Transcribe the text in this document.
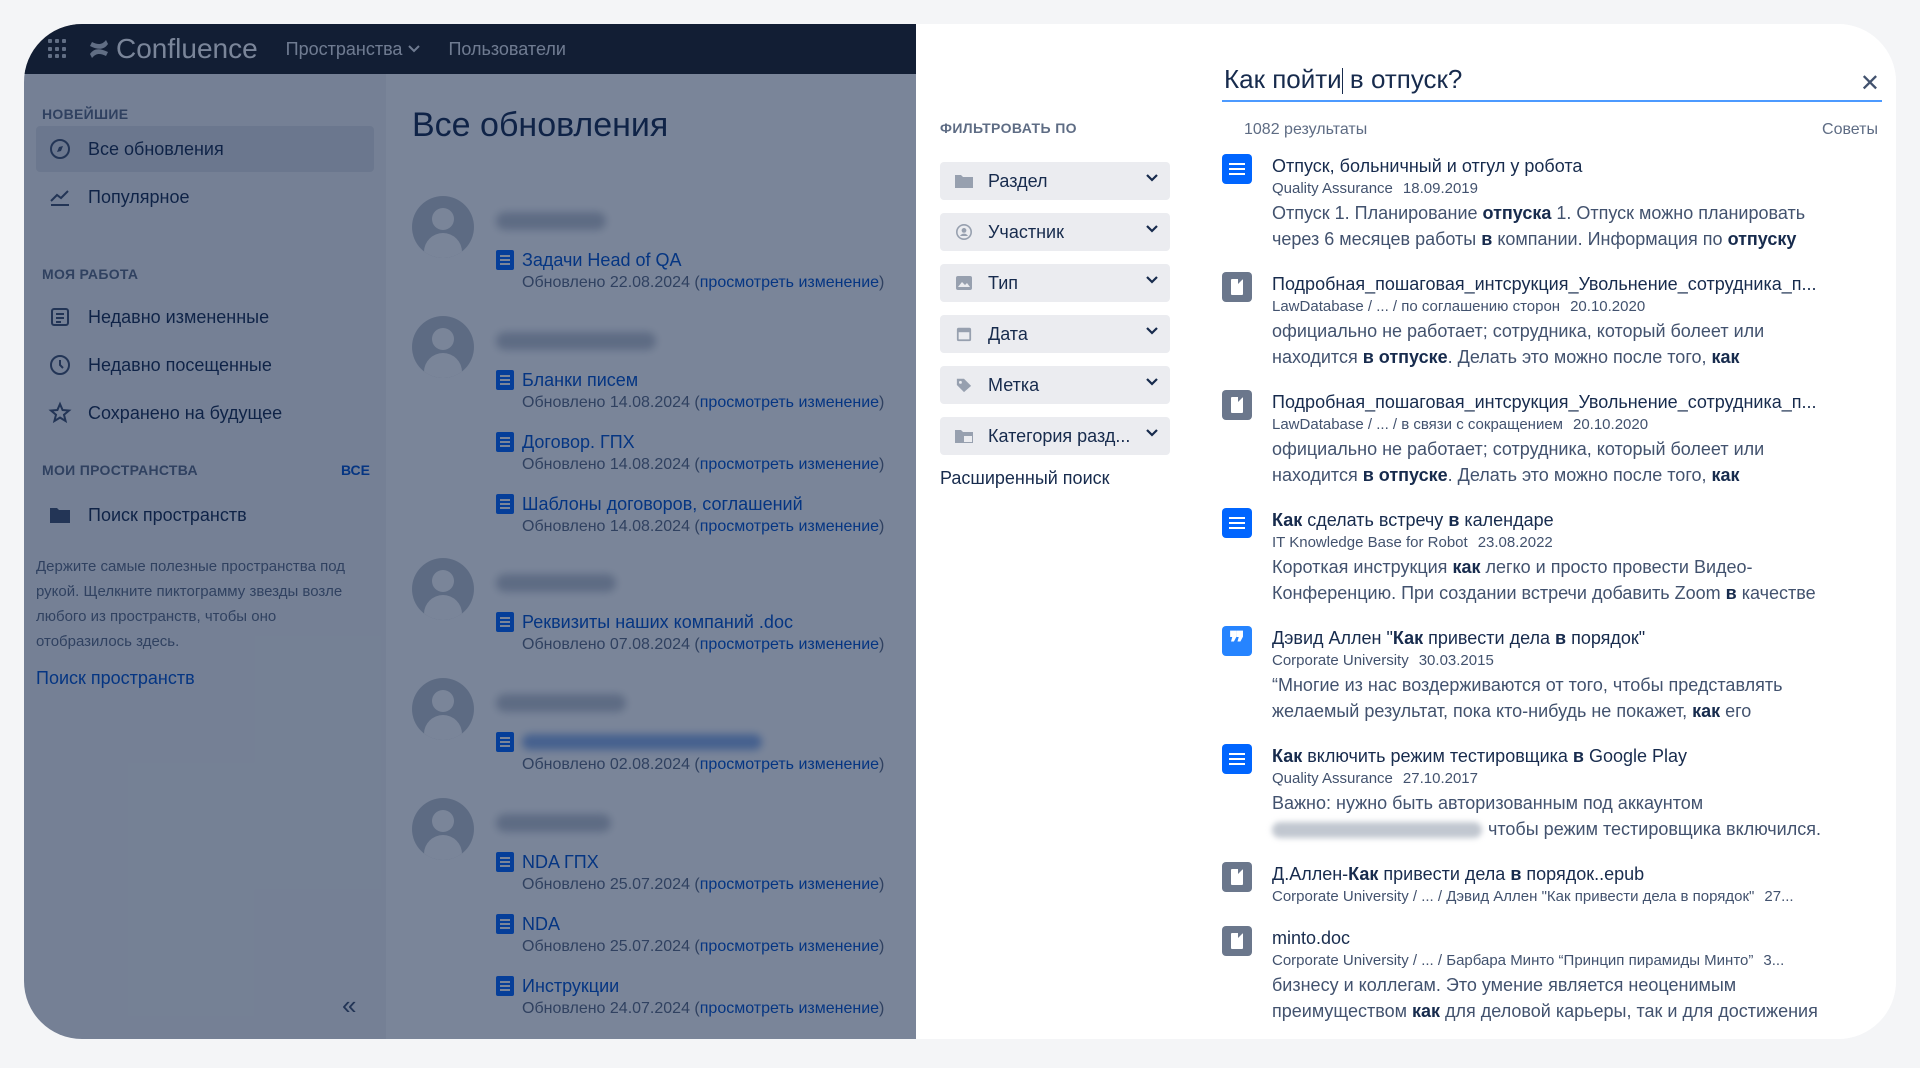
ФИЛЬТРОВАТЬ ПО
Раздел
Участник
Тип
Дата
Метка
Категория разд...
Расширенный поиск
Как пойти в отпуск?	✕
1082 результаты	Советы
Отпуск, больничный и отгул у робота
Quality Assurance 18.09.2019
Отпуск 1. Планирование отпуска 1. Отпуск можно планировать через 6 месяцев работы в компании. Информация по отпуску
Подробная_пошаговая_интсрукция_Увольнение_сотрудника_п...
LawDatabase / ... / по соглашению сторон 20.10.2020
официально не работает; сотрудника, который болеет или находится в отпуске. Делать это можно после того, как
Подробная_пошаговая_интсрукция_Увольнение_сотрудника_п...
LawDatabase / ... / в связи с сокращением 20.10.2020
официально не работает; сотрудника, который болеет или находится в отпуске. Делать это можно после того, как
Как сделать встречу в календаре
IT Knowledge Base for Robot 23.08.2022
Короткая инструкция как легко и просто провести Видео-Конференцию. При создании встречи добавить Zoom в качестве
❞	Дэвид Аллен "Как привести дела в порядок"
Corporate University 30.03.2015
“Многие из нас воздерживаются от того, чтобы представлять желаемый результат, пока кто-нибудь не покажет, как его
Как включить режим тестировщика в Google Play
Quality Assurance 27.10.2017
Важно: нужно быть авторизованным под аккаунтом чтобы режим тестировщика включился.
Д.Аллен-Как привести дела в порядок..epub
Corporate University / ... / Дэвид Аллен "Как привести дела в порядок" 27...
minto.doc
Corporate University / ... / Барбара Минто “Принцип пирамиды Минто” 3...
бизнесу и коллегам. Это умение является неоценимым преимуществом как для деловой карьеры, так и для достижения
